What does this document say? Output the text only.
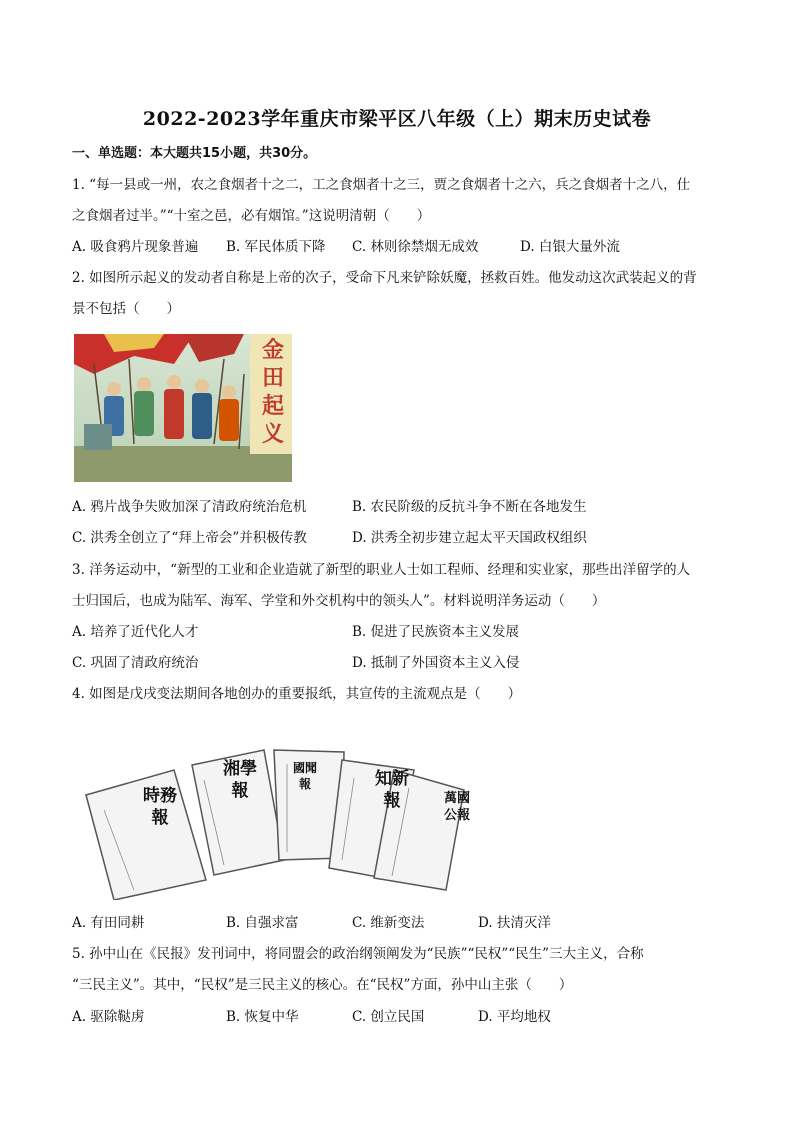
2022-2023学年重庆市梁平区八年级（上）期末历史试卷
一、单选题：本大题共15小题，共30分。
1. “每一县或一州，农之食烟者十之二，工之食烟者十之三，贾之食烟者十之六，兵之食烟者十之八，仕
之食烟者过半。”“十室之邑，必有烟馆。”这说明清朝（　　）
A. 吸食鸦片现象普遍 B. 军民体质下降 C. 林则徐禁烟无成效	D. 白银大量外流
2. 如图所示起义的发动者自称是上帝的次子，受命下凡来铲除妖魔，拯救百姓。他发动这次武装起义的背
景不包括（　　）
金田起义
A. 鸦片战争失败加深了清政府统治危机	B. 农民阶级的反抗斗争不断在各地发生
C. 洪秀全创立了“拜上帝会”并积极传教	D. 洪秀全初步建立起太平天国政权组织
3. 洋务运动中，“新型的工业和企业造就了新型的职业人士如工程师、经理和实业家，那些出洋留学的人
士归国后，也成为陆军、海军、学堂和外交机构中的领头人”。材料说明洋务运动（　　）
A. 培养了近代化人才	B. 促进了民族资本主义发展
C. 巩固了清政府统治	D. 抵制了外国资本主义入侵
4. 如图是戊戌变法期间各地创办的重要报纸，其宣传的主流观点是（　　）
時務報
湘學報
國聞報	知新報	萬國公報
A. 有田同耕	B. 自强求富	C. 维新变法	D. 扶清灭洋
5. 孙中山在《民报》发刊词中，将同盟会的政治纲领阐发为“民族”“民权”“民生”三大主义，合称
“三民主义”。其中，“民权”是三民主义的核心。在“民权”方面，孙中山主张（　　）
A. 驱除鞑虏	B. 恢复中华	C. 创立民国	D. 平均地权
